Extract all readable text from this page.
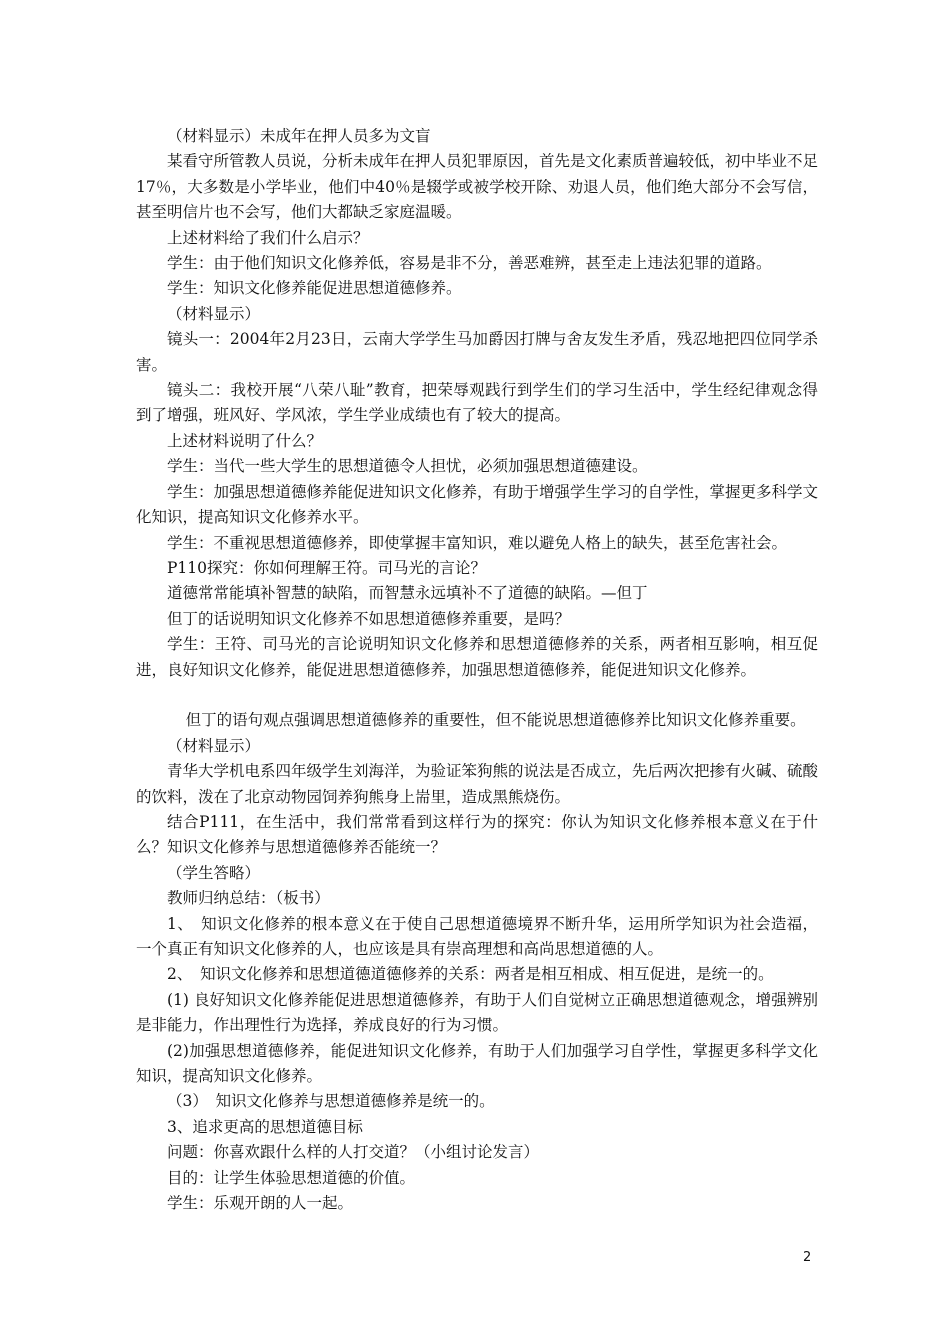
（材料显示）未成年在押人员多为文盲

某看守所管教人员说，分析未成年在押人员犯罪原因，首先是文化素质普遍较低，初中毕业不足17％，大多数是小学毕业，他们中40％是辍学或被学校开除、劝退人员，他们绝大部分不会写信，甚至明信片也不会写，他们大都缺乏家庭温暖。

上述材料给了我们什么启示？

学生：由于他们知识文化修养低，容易是非不分，善恶难辨，甚至走上违法犯罪的道路。

学生：知识文化修养能促进思想道德修养。

（材料显示）

镜头一：2004年2月23日，云南大学学生马加爵因打牌与舍友发生矛盾，残忍地把四位同学杀害。

镜头二：我校开展“八荣八耻”教育，把荣辱观践行到学生们的学习生活中，学生经纪律观念得到了增强，班风好、学风浓，学生学业成绩也有了较大的提高。

上述材料说明了什么？

学生：当代一些大学生的思想道德令人担忧，必须加强思想道德建设。

学生：加强思想道德修养能促进知识文化修养，有助于增强学生学习的自学性，掌握更多科学文化知识，提高知识文化修养水平。

学生：不重视思想道德修养，即使掌握丰富知识，难以避免人格上的缺失，甚至危害社会。

P110探究：你如何理解王符。司马光的言论？

道德常常能填补智慧的缺陷，而智慧永远填补不了道德的缺陷。—但丁

但丁的话说明知识文化修养不如思想道德修养重要，是吗？

学生：王符、司马光的言论说明知识文化修养和思想道德修养的关系，两者相互影响，相互促进，良好知识文化修养，能促进思想道德修养，加强思想道德修养，能促进知识文化修养。

但丁的语句观点强调思想道德修养的重要性，但不能说思想道德修养比知识文化修养重要。

（材料显示）

青华大学机电系四年级学生刘海洋，为验证笨狗熊的说法是否成立，先后两次把掺有火碱、硫酸的饮料，泼在了北京动物园饲养狗熊身上耑里，造成黑熊烧伤。

结合P111，在生活中，我们常常看到这样行为的探究：你认为知识文化修养根本意义在于什么？知识文化修养与思想道德修养否能统一？

（学生答略）

教师归纳总结：（板书）

1、　知识文化修养的根本意义在于使自己思想道德境界不断升华，运用所学知识为社会造福，一个真正有知识文化修养的人，也应该是具有崇高理想和高尚思想道德的人。

2、　知识文化修养和思想道德道德修养的关系：两者是相互相成、相互促进，是统一的。

(1) 良好知识文化修养能促进思想道德修养，有助于人们自觉树立正确思想道德观念，增强辨别是非能力，作出理性行为选择，养成良好的行为习惯。

(2)加强思想道德修养，能促进知识文化修养，有助于人们加强学习自学性，掌握更多科学文化知识，提高知识文化修养。

（3）　知识文化修养与思想道德修养是统一的。

3、追求更高的思想道德目标

问题：你喜欢跟什么样的人打交道？（小组讨论发言）

目的：让学生体验思想道德的价值。

学生：乐观开朗的人一起。

2
